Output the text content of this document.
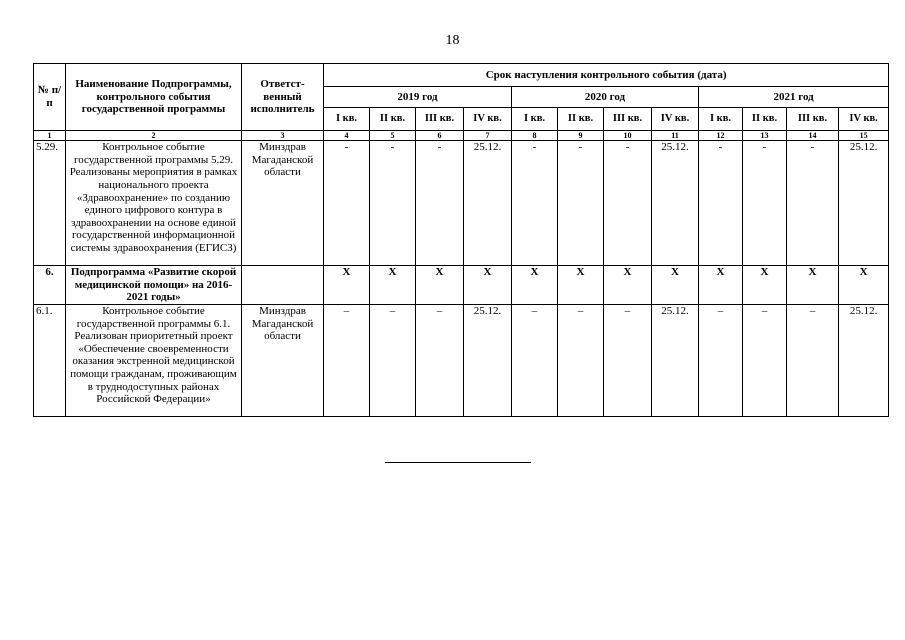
18
№ п/п	Наименование Подпрограммы, контрольного события государственной программы	Ответст-венный исполнитель	Срок наступления контрольного события (дата)											
			2019 год				2020 год				2021 год			
			I кв.	II кв.	III кв.	IV кв.	I кв.	II кв.	III кв.	IV кв.	I кв.	II кв.	III кв.	IV кв.
1	2	3	4	5	6	7	8	9	10	11	12	13	14	15
5.29.	Контрольное событие государственной программы 5.29. Реализованы мероприятия в рамках национального проекта «Здравоохранение» по созданию единого цифрового контура в здравоохранении на основе единой государственной информационной системы здравоохранения (ЕГИСЗ)	Минздрав Магаданской области	-	-	-	25.12.	-	-	-	25.12.	-	-	-	25.12.
6.	Подпрограмма «Развитие скорой медицинской помощи» на 2016-2021 годы»		Х	Х	Х	Х	Х	Х	Х	Х	Х	Х	Х	Х
6.1.	Контрольное событие государственной программы 6.1. Реализован приоритетный проект «Обеспечение своевременности оказания экстренной медицинской помощи гражданам, проживающим в труднодоступных районах Российской Федерации»	Минздрав Магаданской области	–	–	–	25.12.	–	–	–	25.12.	–	–	–	25.12.
